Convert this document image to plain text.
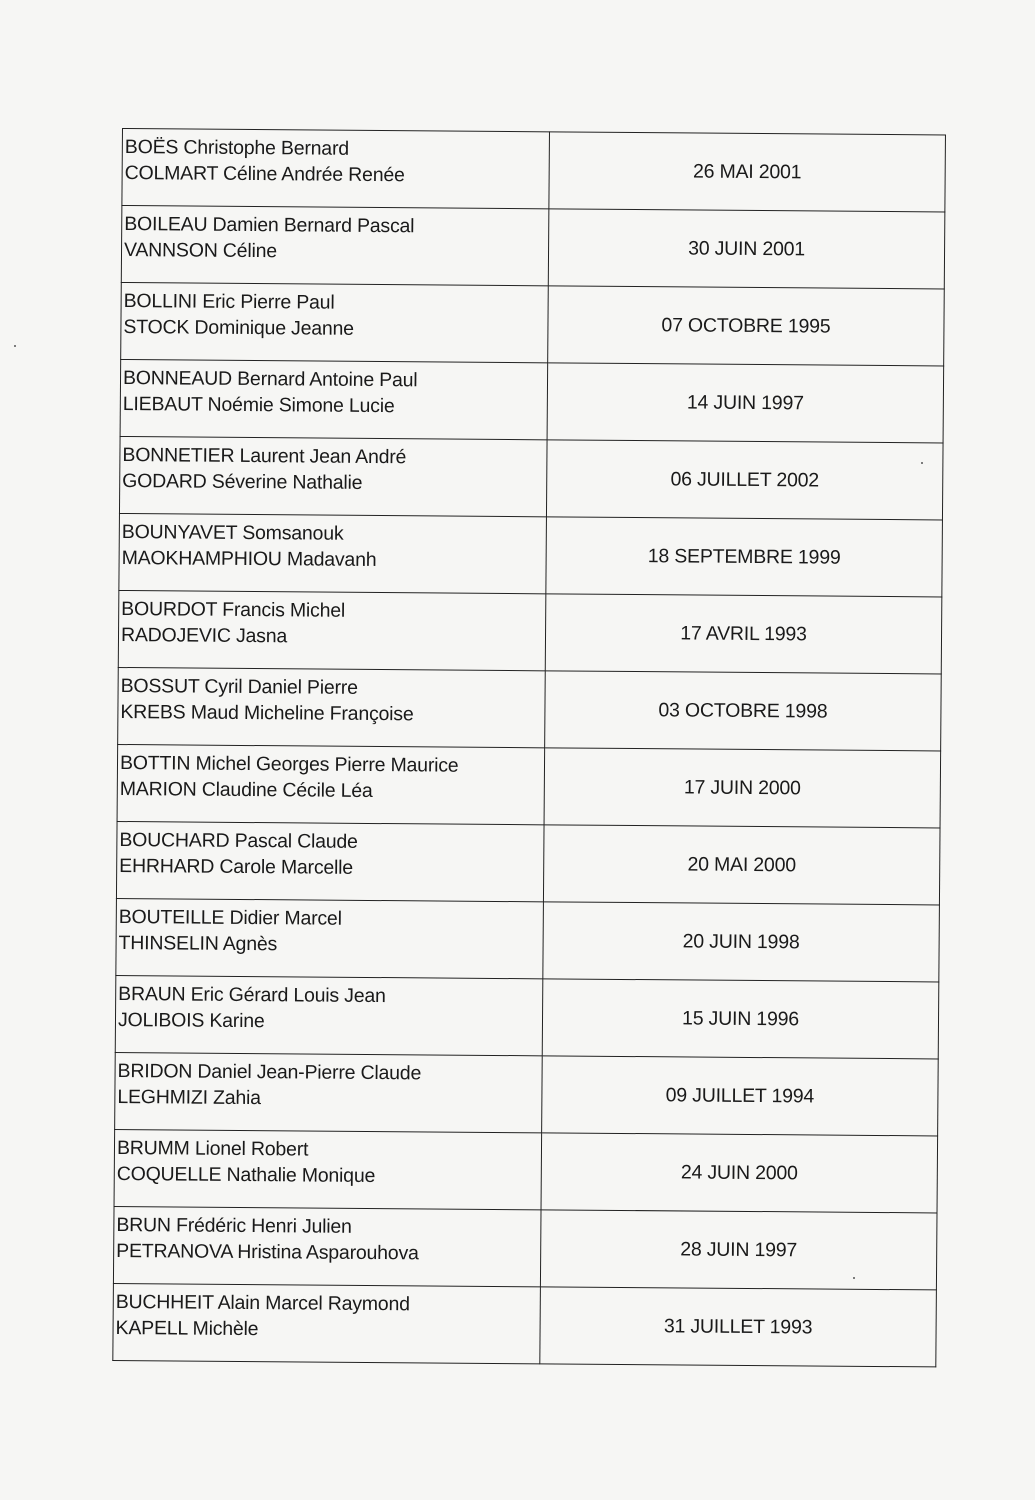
BOËS Christophe Bernard
COLMART Céline Andrée Renée	26 MAI 2001

BOILEAU Damien Bernard Pascal
VANNSON Céline	30 JUIN 2001

BOLLINI Eric Pierre Paul
STOCK Dominique Jeanne	07 OCTOBRE 1995

BONNEAUD Bernard Antoine Paul
LIEBAUT Noémie Simone Lucie	14 JUIN 1997

BONNETIER Laurent Jean André
GODARD Séverine Nathalie	06 JUILLET 2002

BOUNYAVET Somsanouk
MAOKHAMPHIOU Madavanh	18 SEPTEMBRE 1999

BOURDOT Francis Michel
RADOJEVIC Jasna	17 AVRIL 1993

BOSSUT Cyril Daniel Pierre
KREBS Maud Micheline Françoise	03 OCTOBRE 1998

BOTTIN Michel Georges Pierre Maurice
MARION Claudine Cécile Léa	17 JUIN 2000

BOUCHARD Pascal Claude
EHRHARD Carole Marcelle	20 MAI 2000

BOUTEILLE Didier Marcel
THINSELIN Agnès	20 JUIN 1998

BRAUN Eric Gérard Louis Jean
JOLIBOIS Karine	15 JUIN 1996

BRIDON Daniel Jean-Pierre Claude
LEGHMIZI Zahia	09 JUILLET 1994

BRUMM Lionel Robert
COQUELLE Nathalie Monique	24 JUIN 2000

BRUN Frédéric Henri Julien
PETRANOVA Hristina Asparouhova	28 JUIN 1997

BUCHHEIT Alain Marcel Raymond
KAPELL Michèle	31 JUILLET 1993
